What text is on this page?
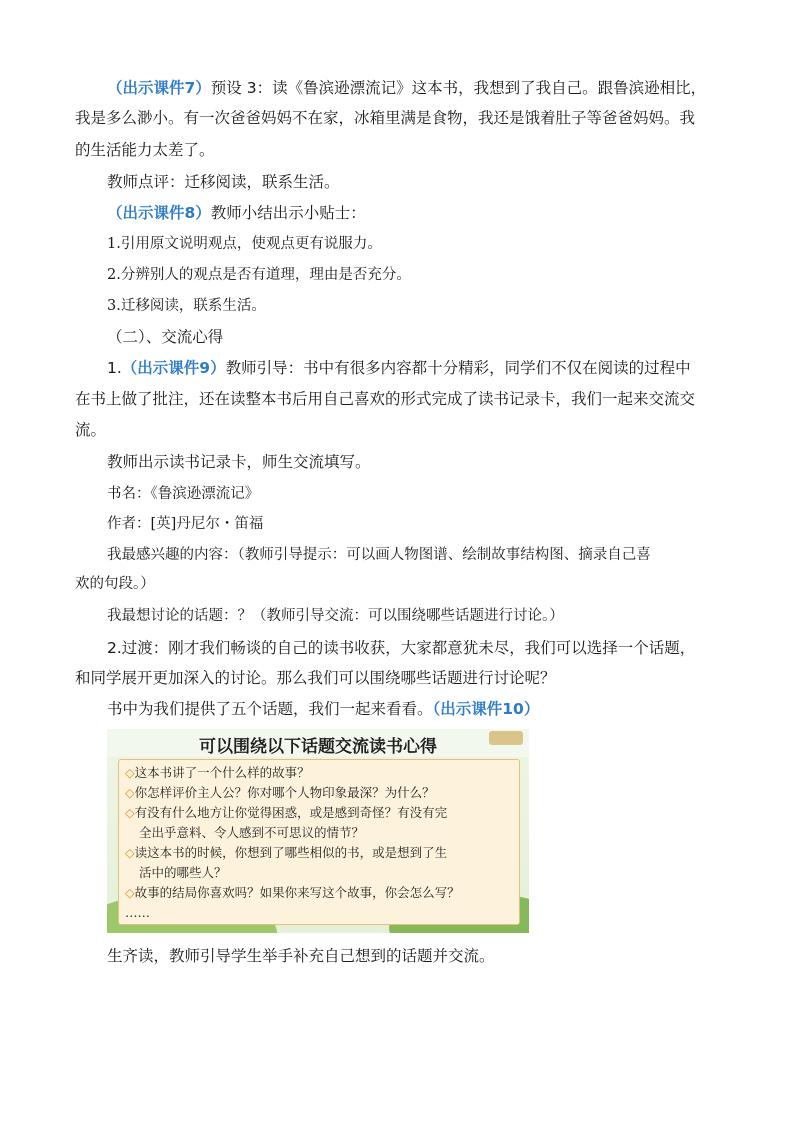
（出示课件7）预设 3：读《鲁滨逊漂流记》这本书，我想到了我自己。跟鲁滨逊相比，
我是多么渺小。有一次爸爸妈妈不在家，冰箱里满是食物，我还是饿着肚子等爸爸妈妈。我
的生活能力太差了。
教师点评：迁移阅读，联系生活。
（出示课件8）教师小结出示小贴士：
1.引用原文说明观点，使观点更有说服力。
2.分辨别人的观点是否有道理，理由是否充分。
3.迁移阅读，联系生活。
（二）、交流心得
1.（出示课件9）教师引导：书中有很多内容都十分精彩，同学们不仅在阅读的过程中
在书上做了批注，还在读整本书后用自己喜欢的形式完成了读书记录卡，我们一起来交流交
流。
教师出示读书记录卡，师生交流填写。
书名：《鲁滨逊漂流记》
作者：[英]丹尼尔・笛福
我最感兴趣的内容：（教师引导提示：可以画人物图谱、绘制故事结构图、摘录自己喜
欢的句段。）
我最想讨论的话题：？（教师引导交流：可以围绕哪些话题进行讨论。）
2.过渡：刚才我们畅谈的自己的读书收获，大家都意犹未尽，我们可以选择一个话题，
和同学展开更加深入的讨论。那么我们可以围绕哪些话题进行讨论呢？
书中为我们提供了五个话题，我们一起来看看。（出示课件10）
可以围绕以下话题交流读书心得
◇这本书讲了一个什么样的故事？
◇你怎样评价主人公？你对哪个人物印象最深？为什么？
◇有没有什么地方让你觉得困惑，或是感到奇怪？有没有完
全出乎意料、令人感到不可思议的情节？
◇读这本书的时候，你想到了哪些相似的书，或是想到了生
活中的哪些人？
◇故事的结局你喜欢吗？如果你来写这个故事，你会怎么写？
……
生齐读，教师引导学生举手补充自己想到的话题并交流。
